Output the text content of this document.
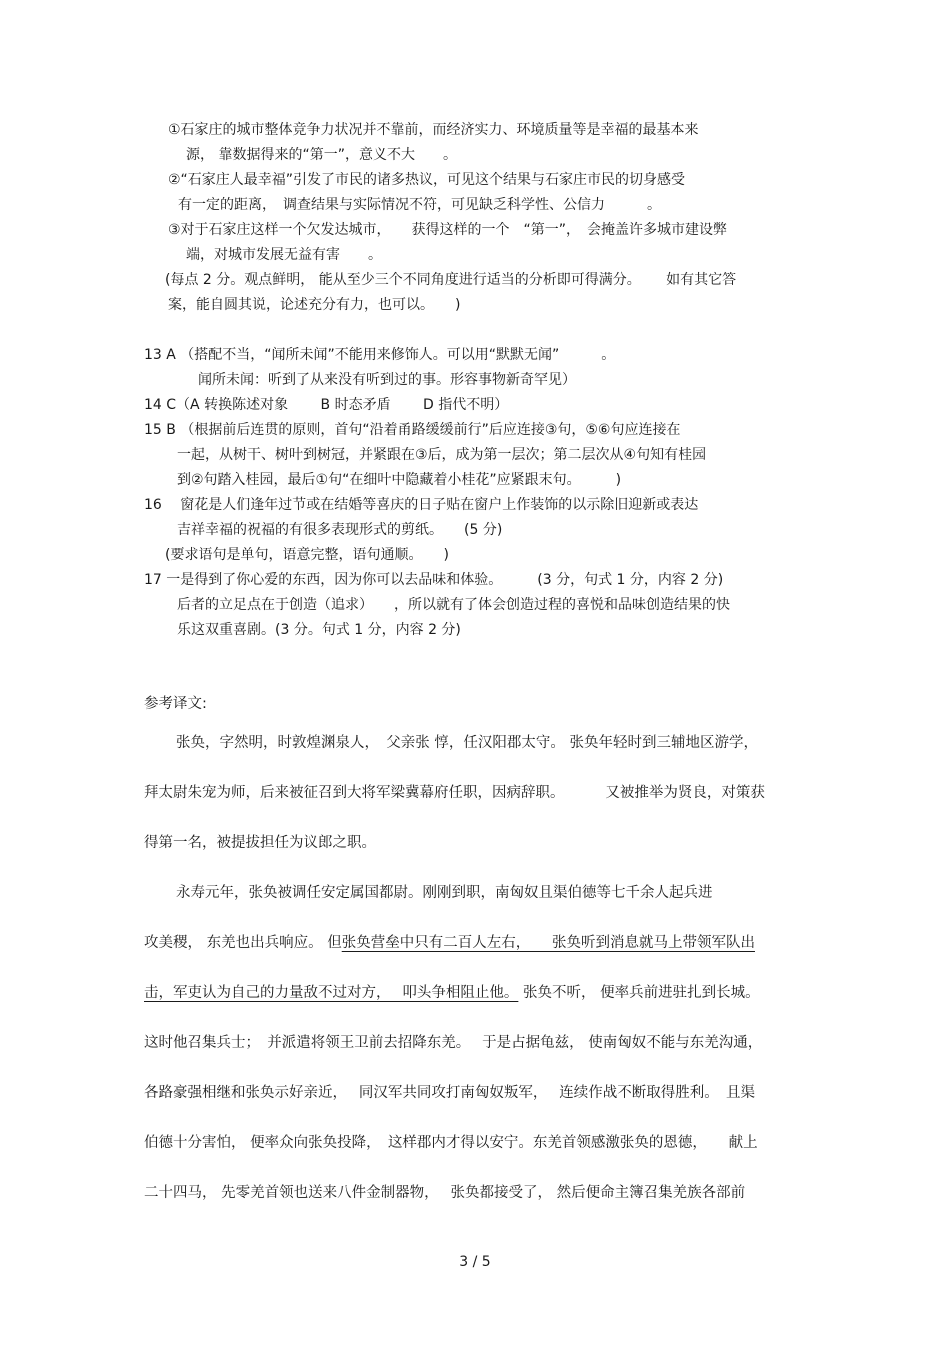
①石家庄的城市整体竞争力状况并不靠前，而经济实力、环境质量等是幸福的最基本来
源， 靠数据得来的“第一”，意义不大　　。
②“石家庄人最幸福”引发了市民的诸多热议，可见这个结果与石家庄市民的切身感受
有一定的距离，　调查结果与实际情况不符，可见缺乏科学性、公信力　　　。
③对于石家庄这样一个欠发达城市，　　获得这样的一个　“第一”，　会掩盖许多城市建设弊
端，对城市发展无益有害　　。
(每点 2 分。观点鲜明， 能从至少三个不同角度进行适当的分析即可得满分。　　 如有其它答
案，能自圆其说，论述充分有力，也可以。　　)
13 A （搭配不当，“闻所未闻”不能用来修饰人。可以用“默默无闻”　　　。
闻所未闻：听到了从来没有听到过的事。形容事物新奇罕见）
14 C（A 转换陈述对象　　 B 时态矛盾　　 D 指代不明）
15 B （根据前后连贯的原则，首句“沿着甬路缓缓前行”后应连接③句，⑤⑥句应连接在
一起，从树干、树叶到树冠，并紧跟在③后，成为第一层次；第二层次从④句知有桂园
到②句踏入桂园，最后①句“在细叶中隐藏着小桂花”应紧跟末句。　　　)
16　 窗花是人们逢年过节或在结婚等喜庆的日子贴在窗户上作装饰的以示除旧迎新或表达
吉祥幸福的祝福的有很多表现形式的剪纸。　　(5 分)
(要求语句是单句，语意完整，语句通顺。　　)
17 一是得到了你心爱的东西，因为你可以去品味和体验。　　　(3 分，句式 1 分，内容 2 分)
后者的立足点在于创造（追求）　　，所以就有了体会创造过程的喜悦和品味创造结果的快
乐这双重喜剧。(3 分。句式 1 分，内容 2 分)
参考译文:
张奂，字然明，时敦煌渊泉人，　父亲张 惇，任汉阳郡太守。 张奂年轻时到三辅地区游学，
拜太尉朱宠为师，后来被征召到大将军梁冀幕府任职，因病辞职。　　　 又被推举为贤良，对策获
得第一名，被提拔担任为议郎之职。
永寿元年，张奂被调任安定属国都尉。刚刚到职，南匈奴且渠伯德等七千余人起兵进
攻美稷， 东羌也出兵响应。 但张奂营垒中只有二百人左右，　　张奂听到消息就马上带领军队出
击，军吏认为自己的力量敌不过对方，　 叩头争相阻止他。 张奂不听， 便率兵前进驻扎到长城。
这时他召集兵士；　并派遣将领王卫前去招降东羌。　 于是占据龟兹， 使南匈奴不能与东羌沟通，
各路豪强相继和张奂示好亲近，　 同汉军共同攻打南匈奴叛军，　 连续作战不断取得胜利。　且渠
伯德十分害怕， 便率众向张奂投降，　这样郡内才得以安宁。东羌首领感激张奂的恩德，　　献上
二十四马， 先零羌首领也送来八件金制器物，　 张奂都接受了， 然后便命主簿召集羌族各部前
3 / 5
